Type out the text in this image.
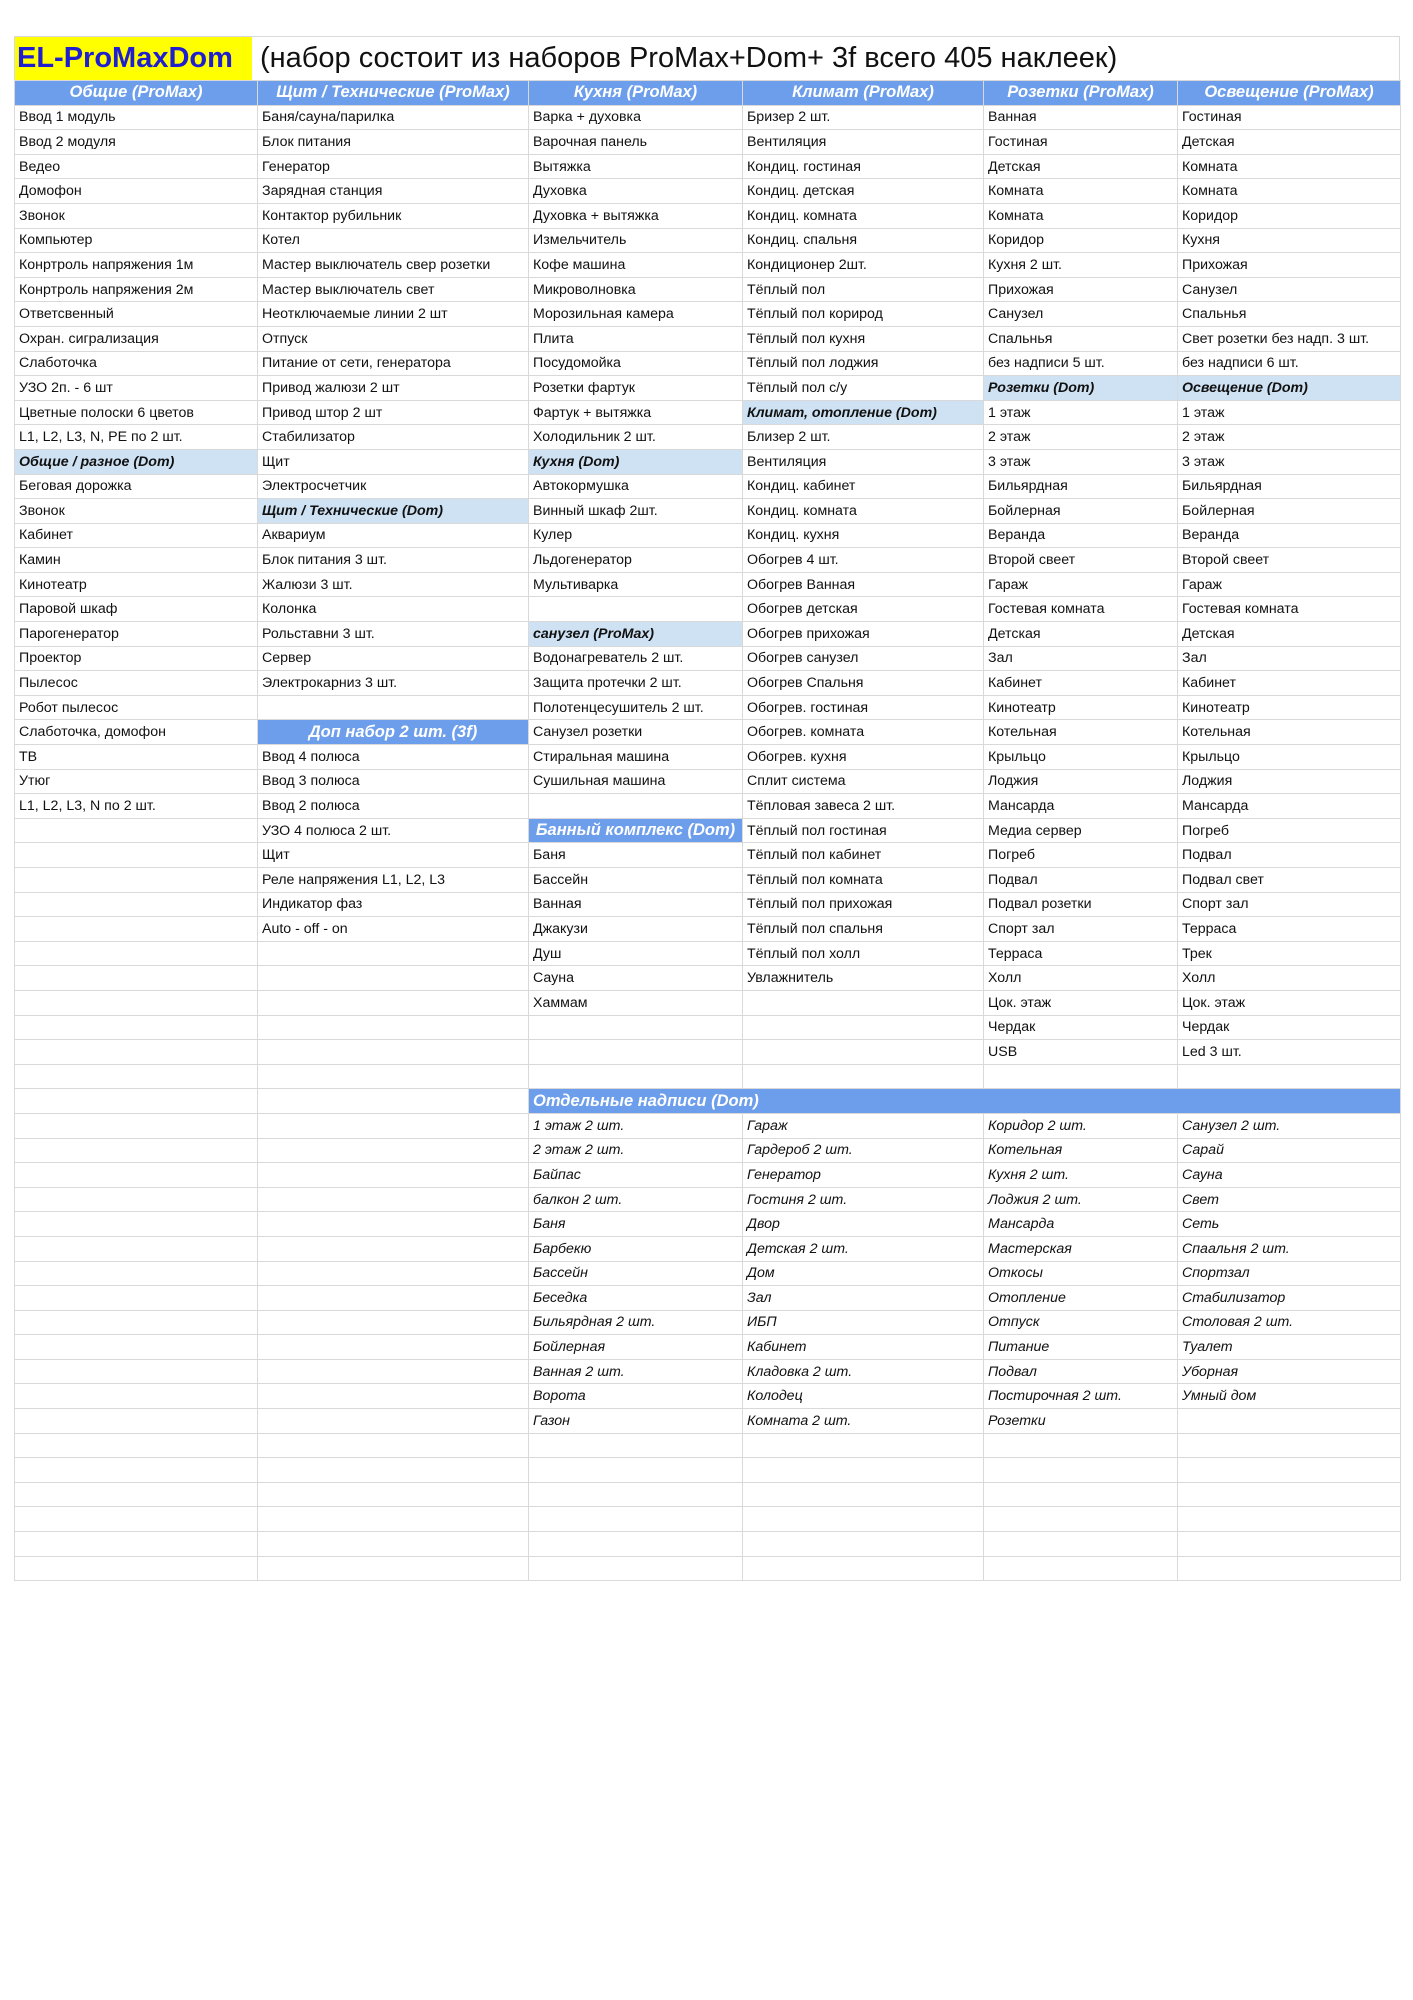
EL-ProMaxDom (набор состоит из наборов ProMax+Dom+ 3f всего 405 наклеек)
Общие (ProMax)	Щит / Технические (ProMax)	Кухня (ProMax)	Климат (ProMax)	Розетки (ProMax)	Освещение (ProMax)
Ввод 1 модуль	Баня/сауна/парилка	Варка + духовка	Бризер 2 шт.	Ванная	Гостиная
Ввод 2 модуля	Блок питания	Варочная панель	Вентиляция	Гостиная	Детская
Ведео	Генератор	Вытяжка	Кондиц. гостиная	Детская	Комната
Домофон	Зарядная станция	Духовка	Кондиц. детская	Комната	Комната
Звонок	Контактор рубильник	Духовка + вытяжка	Кондиц. комната	Комната	Коридор
Компьютер	Котел	Измельчитель	Кондиц. спальня	Коридор	Кухня
Конртроль напряжения 1м	Мастер выключатель свер розетки	Кофе машина	Кондиционер 2шт.	Кухня 2 шт.	Прихожая
Конртроль напряжения 2м	Мастер выключатель свет	Микроволновка	Тёплый пол	Прихожая	Санузел
Ответсвенный	Неотключаемые линии 2 шт	Морозильная камера	Тёплый пол корирод	Санузел	Спальнья
Охран. сигрализация	Отпуск	Плита	Тёплый пол кухня	Спальнья	Свет розетки без надп. 3 шт.
Слаботочка	Питание от сети, генератора	Посудомойка	Тёплый пол лоджия	без надписи 5 шт.	без надписи 6 шт.
УЗО 2п. - 6 шт	Привод жалюзи 2 шт	Розетки фартук	Тёплый пол с/у	Розетки (Dom)	Освещение (Dom)
Цветные полоски 6 цветов	Привод штор 2 шт	Фартук + вытяжка	Климат, отопление (Dom)	1 этаж	1 этаж
L1, L2, L3, N, PE по 2 шт.	Стабилизатор	Холодильник 2 шт.	Близер 2 шт.	2 этаж	2 этаж
Общие / разное (Dom)	Щит	Кухня (Dom)	Вентиляция	3 этаж	3 этаж
Беговая дорожка	Электросчетчик	Автокормушка	Кондиц. кабинет	Бильярдная	Бильярдная
Звонок	Щит / Технические (Dom)	Винный шкаф 2шт.	Кондиц. комната	Бойлерная	Бойлерная
Кабинет	Аквариум	Кулер	Кондиц. кухня	Веранда	Веранда
Камин	Блок питания 3 шт.	Льдогенератор	Обогрев 4 шт.	Второй свеет	Второй свеет
Кинотеатр	Жалюзи 3 шт.	Мультиварка	Обогрев Ванная	Гараж	Гараж
Паровой шкаф	Колонка		Обогрев детская	Гостевая комната	Гостевая комната
Парогенератор	Рольставни 3 шт.	санузел (ProMax)	Обогрев прихожая	Детская	Детская
Проектор	Сервер	Водонагреватель 2 шт.	Обогрев санузел	Зал	Зал
Пылесос	Электрокарниз 3 шт.	Защита протечки 2 шт.	Обогрев Спальня	Кабинет	Кабинет
Робот пылесос		Полотенцесушитель 2 шт.	Обогрев. гостиная	Кинотеатр	Кинотеатр
Слаботочка, домофон	Доп набор 2 шт. (3f)	Санузел розетки	Обогрев. комната	Котельная	Котельная
ТВ	Ввод 4 полюса	Стиральная машина	Обогрев. кухня	Крыльцо	Крыльцо
Утюг	Ввод 3 полюса	Сушильная машина	Сплит система	Лоджия	Лоджия
L1, L2, L3, N по 2 шт.	Ввод 2 полюса		Тёпловая завеса 2 шт.	Мансарда	Мансарда
	УЗО 4 полюса 2 шт.	Банный комплекс (Dom)	Тёплый пол гостиная	Медиа сервер	Погреб
	Щит	Баня	Тёплый пол кабинет	Погреб	Подвал
	Реле напряжения L1, L2, L3	Бассейн	Тёплый пол комната	Подвал	Подвал свет
	Индикатор фаз	Ванная	Тёплый пол прихожая	Подвал розетки	Спорт зал
	Auto - off - on	Джакузи	Тёплый пол спальня	Спорт зал	Терраса
		Душ	Тёплый пол холл	Терраса	Трек
		Сауна	Увлажнитель	Холл	Холл
		Хаммам		Цок. этаж	Цок. этаж
				Чердак	Чердак
				USB	Led 3 шт.

		Отдельные надписи (Dom)			
		1 этаж 2 шт.	Гараж	Коридор 2 шт.	Санузел 2 шт.
		2 этаж 2 шт.	Гардероб 2 шт.	Котельная	Сарай
		Байпас	Генератор	Кухня 2 шт.	Сауна
		балкон 2 шт.	Гостиня 2 шт.	Лоджия 2 шт.	Свет
		Баня	Двор	Мансарда	Сеть
		Барбекю	Детская 2 шт.	Мастерская	Спаальня 2 шт.
		Бассейн	Дом	Откосы	Спортзал
		Беседка	Зал	Отопление	Стабилизатор
		Бильярдная 2 шт.	ИБП	Отпуск	Столовая 2 шт.
		Бойлерная	Кабинет	Питание	Туалет
		Ванная 2 шт.	Кладовка 2 шт.	Подвал	Уборная
		Ворота	Колодец	Постирочная 2 шт.	Умный дом
		Газон	Комната 2 шт.	Розетки	
